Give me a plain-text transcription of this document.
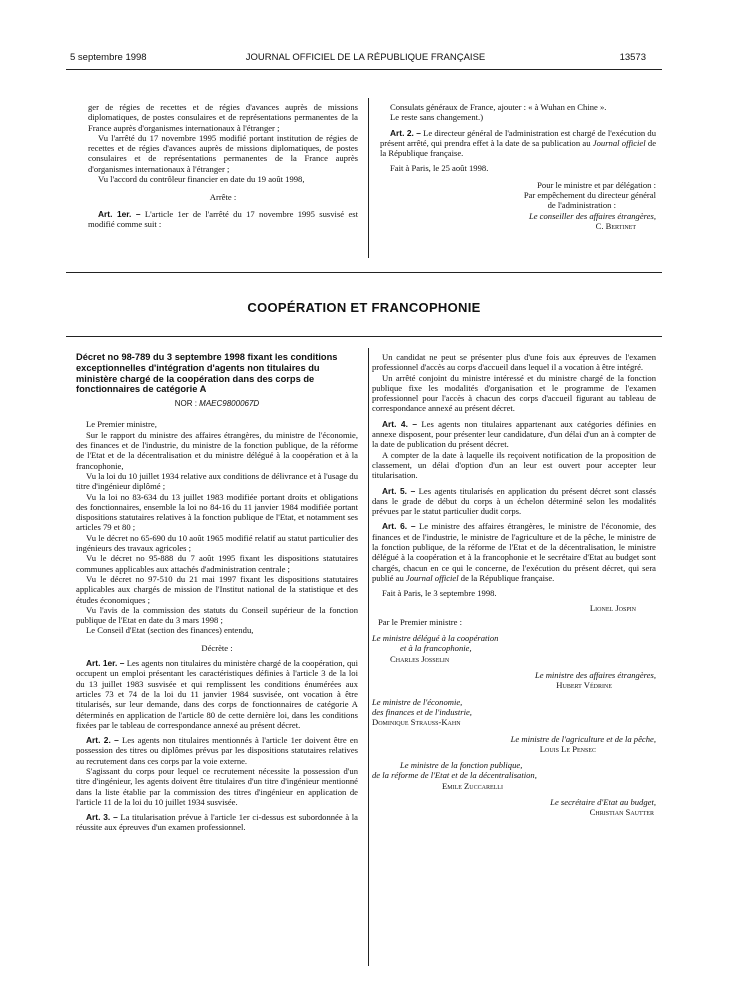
5 septembre 1998	JOURNAL OFFICIEL DE LA RÉPUBLIQUE FRANÇAISE	13573

ger de régies de recettes et de régies d'avances auprès de missions diplomatiques, de postes consulaires et de représentations permanentes de la France auprès d'organismes internationaux à l'étranger ;

Vu l'arrêté du 17 novembre 1995 modifié portant institution de régies de recettes et de régies d'avances auprès de missions diplomatiques, de postes consulaires et de représentations permanentes de la France auprès d'organismes internationaux à l'étranger ;

Vu l'accord du contrôleur financier en date du 19 août 1998,

Arrête :

Art. 1er. – L'article 1er de l'arrêté du 17 novembre 1995 susvisé est modifié comme suit :

Consulats généraux de France, ajouter : « à Wuhan en Chine ».

Le reste sans changement.)

Art. 2. – Le directeur général de l'administration est chargé de l'exécution du présent arrêté, qui prendra effet à la date de sa publication au Journal officiel de la République française.

Fait à Paris, le 25 août 1998.

Pour le ministre et par délégation :

Par empêchement du directeur général

de l'administration :

Le conseiller des affaires étrangères,

C. Bertinet

COOPÉRATION ET FRANCOPHONIE
Décret no 98-789 du 3 septembre 1998 fixant les conditions exceptionnelles d'intégration d'agents non titulaires du ministère chargé de la coopération dans des corps de fonctionnaires de catégorie A

NOR : MAEC9800067D

Le Premier ministre,

Sur le rapport du ministre des affaires étrangères, du ministre de l'économie, des finances et de l'industrie, du ministre de la fonction publique, de la réforme de l'Etat et de la décentralisation et du ministre délégué à la coopération et à la francophonie,

Vu la loi du 10 juillet 1934 relative aux conditions de délivrance et à l'usage du titre d'ingénieur diplômé ;

Vu la loi no 83-634 du 13 juillet 1983 modifiée portant droits et obligations des fonctionnaires, ensemble la loi no 84-16 du 11 janvier 1984 modifiée portant dispositions statutaires relatives à la fonction publique de l'Etat, et notamment ses articles 79 et 80 ;

Vu le décret no 65-690 du 10 août 1965 modifié relatif au statut particulier des ingénieurs des travaux agricoles ;

Vu le décret no 95-888 du 7 août 1995 fixant les dispositions statutaires communes applicables aux attachés d'administration centrale ;

Vu le décret no 97-510 du 21 mai 1997 fixant les dispositions statutaires applicables aux chargés de mission de l'Institut national de la statistique et des études économiques ;

Vu l'avis de la commission des statuts du Conseil supérieur de la fonction publique de l'Etat en date du 3 mars 1998 ;

Le Conseil d'Etat (section des finances) entendu,

Décrète :

Art. 1er. – Les agents non titulaires du ministère chargé de la coopération, qui occupent un emploi présentant les caractéristiques définies à l'article 3 de la loi du 13 juillet 1983 susvisée et qui remplissent les conditions énumérées aux articles 73 et 74 de la loi du 11 janvier 1984 susvisée, ont vocation à être titularisés, sur leur demande, dans des corps de fonctionnaires de catégorie A déterminés en application de l'article 80 de cette dernière loi, dans les conditions fixées par le tableau de correspondance annexé au présent décret.

Art. 2. – Les agents non titulaires mentionnés à l'article 1er doivent être en possession des titres ou diplômes prévus par les dispositions statutaires relatives au recrutement dans ces corps par la voie externe.

S'agissant du corps pour lequel ce recrutement nécessite la possession d'un titre d'ingénieur, les agents doivent être titulaires d'un titre d'ingénieur mentionné dans la liste établie par la commission des titres d'ingénieur en application de l'article 11 de la loi du 10 juillet 1934 susvisée.

Art. 3. – La titularisation prévue à l'article 1er ci-dessus est subordonnée à la réussite aux épreuves d'un examen professionnel.

Un candidat ne peut se présenter plus d'une fois aux épreuves de l'examen professionnel d'accès au corps d'accueil dans lequel il a vocation à être intégré.

Un arrêté conjoint du ministre intéressé et du ministre chargé de la fonction publique fixe les modalités d'organisation et le programme de l'examen professionnel pour l'accès à chacun des corps d'accueil figurant au tableau de correspondance annexé au présent décret.

Art. 4. – Les agents non titulaires appartenant aux catégories définies en annexe disposent, pour présenter leur candidature, d'un délai d'un an à compter de la date de publication du présent décret.

A compter de la date à laquelle ils reçoivent notification de la proposition de classement, un délai d'option d'un an leur est ouvert pour accepter leur titularisation.

Art. 5. – Les agents titularisés en application du présent décret sont classés dans le grade de début du corps à un échelon déterminé selon les modalités prévues par le statut particulier dudit corps.

Art. 6. – Le ministre des affaires étrangères, le ministre de l'économie, des finances et de l'industrie, le ministre de l'agriculture et de la pêche, le ministre de la fonction publique, de la réforme de l'Etat et de la décentralisation, le ministre délégué à la coopération et à la francophonie et le secrétaire d'Etat au budget sont chargés, chacun en ce qui le concerne, de l'exécution du présent décret, qui sera publié au Journal officiel de la République française.

Fait à Paris, le 3 septembre 1998.

Lionel Jospin

Par le Premier ministre :

Le ministre délégué à la coopération

et à la francophonie,

Charles Josselin

Le ministre des affaires étrangères,

Hubert Védrine

Le ministre de l'économie,

des finances et de l'industrie,

Dominique Strauss-Kahn

Le ministre de l'agriculture et de la pêche,

Louis Le Pensec

Le ministre de la fonction publique,

de la réforme de l'Etat et de la décentralisation,

Emile Zuccarelli

Le secrétaire d'Etat au budget,

Christian Sautter
